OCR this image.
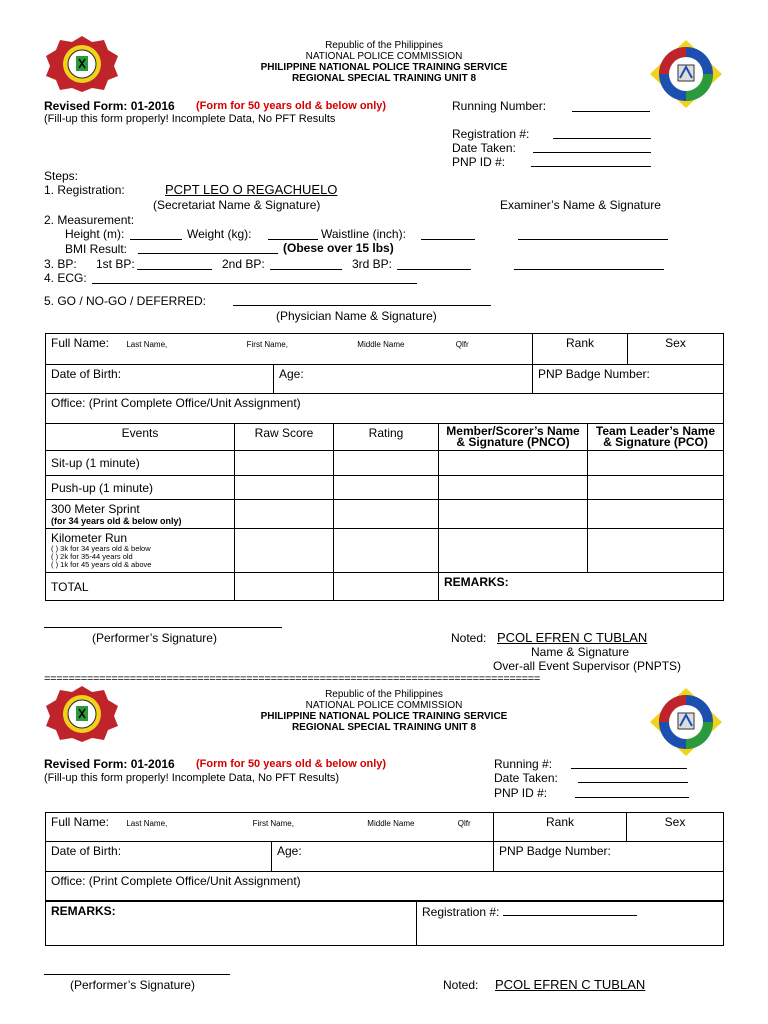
Republic of the Philippines
NATIONAL POLICE COMMISSION
PHILIPPINE NATIONAL POLICE TRAINING SERVICE
REGIONAL SPECIAL TRAINING UNIT 8
Revised Form: 01-2016 (Form for 50 years old & below only)
(Fill-up this form properly! Incomplete Data, No PFT Results
Running Number:
Registration #:
Date Taken:
PNP ID #:
Steps:
1. Registration:	PCPT LEO O REGACHUELO
(Secretariat Name & Signature)	Examiner’s Name & Signature
2. Measurement:
Height (m):	Weight (kg):	Waistline (inch):
BMI Result:	(Obese over 15 lbs)
3. BP: 1st BP:	2nd BP:	3rd BP:
4. ECG:
5. GO / NO-GO / DEFERRED:
(Physician Name & Signature)
Full Name: Last Name, First Name, Middle Name Qlfr		Rank	Sex
Date of Birth:	Age:	PNP Badge Number:	
Office: (Print Complete Office/Unit Assignment)			
Events	Raw Score	Rating	Member/Scorer’s Name & Signature (PNCO)	Team Leader’s Name & Signature (PCO)
Sit-up (1 minute)				
Push-up (1 minute)				

300 Meter Sprint
(for 34 years old & below only)				

Kilometer Run
( ) 3k for 34 years old & below
( ) 2k for 35-44 years old
( ) 1k for 45 years old & above				

TOTAL			REMARKS:	
(Performer’s Signature)	Noted: PCOL EFREN C TUBLAN
Name & Signature
Over-all Event Supervisor (PNPTS)
=================================================================================
Republic of the Philippines
NATIONAL POLICE COMMISSION
PHILIPPINE NATIONAL POLICE TRAINING SERVICE
REGIONAL SPECIAL TRAINING UNIT 8
Revised Form: 01-2016 (Form for 50 years old & below only)
(Fill-up this form properly! Incomplete Data, No PFT Results)
Running #:
Date Taken:
PNP ID #:
Full Name: Last Name, First Name, Middle Name Qlfr		Rank	Sex
Date of Birth:	Age:	PNP Badge Number:	
Office: (Print Complete Office/Unit Assignment)			
REMARKS:	Registration #:
(Performer’s Signature)	Noted: PCOL EFREN C TUBLAN
